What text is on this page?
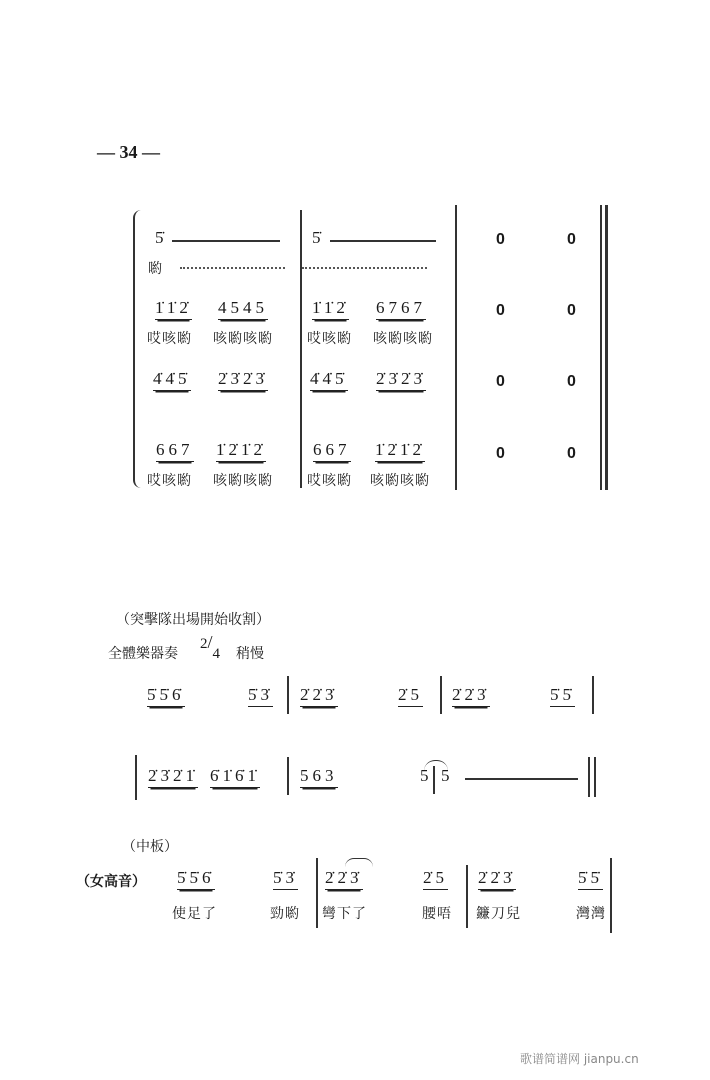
— 34 —
5̇	5̇
喲
1̇1̇2̇ 4545	1̇1̇2̇ 6767
哎咳喲 咳喲咳喲 哎咳喲 咳喲咳喲
4̇4̇5̇ 2̇3̇2̇3̇ 4̇4̇5̇ 2̇3̇2̇3̇
667 1̇2̇1̇2̇	667 1̇2̇1̇2̇
哎咳喲 咳喲咳喲 哎咳喲 咳喲咳喲
0	0
0	0
0	0
0	0
（突擊隊出場開始收割）
全體樂器奏
2/4 稍慢
5̇5̇6̇	5̇3̇ 2̇2̇3̇	2̇5 2̇2̇3̇	5̇5̇
2̇3̇2̇1̇ 6̇1̇6̇1̇ 563	5 5
（中板）
（女高音） 5̇5̇6̇	5̇3̇ 2̇2̇3̇	2̇5 2̇2̇3̇	5̇5̇
使足了	勁喲 彎下了	腰唔 鐮刀兒	灣灣
歌谱简谱网 jianpu.cn
